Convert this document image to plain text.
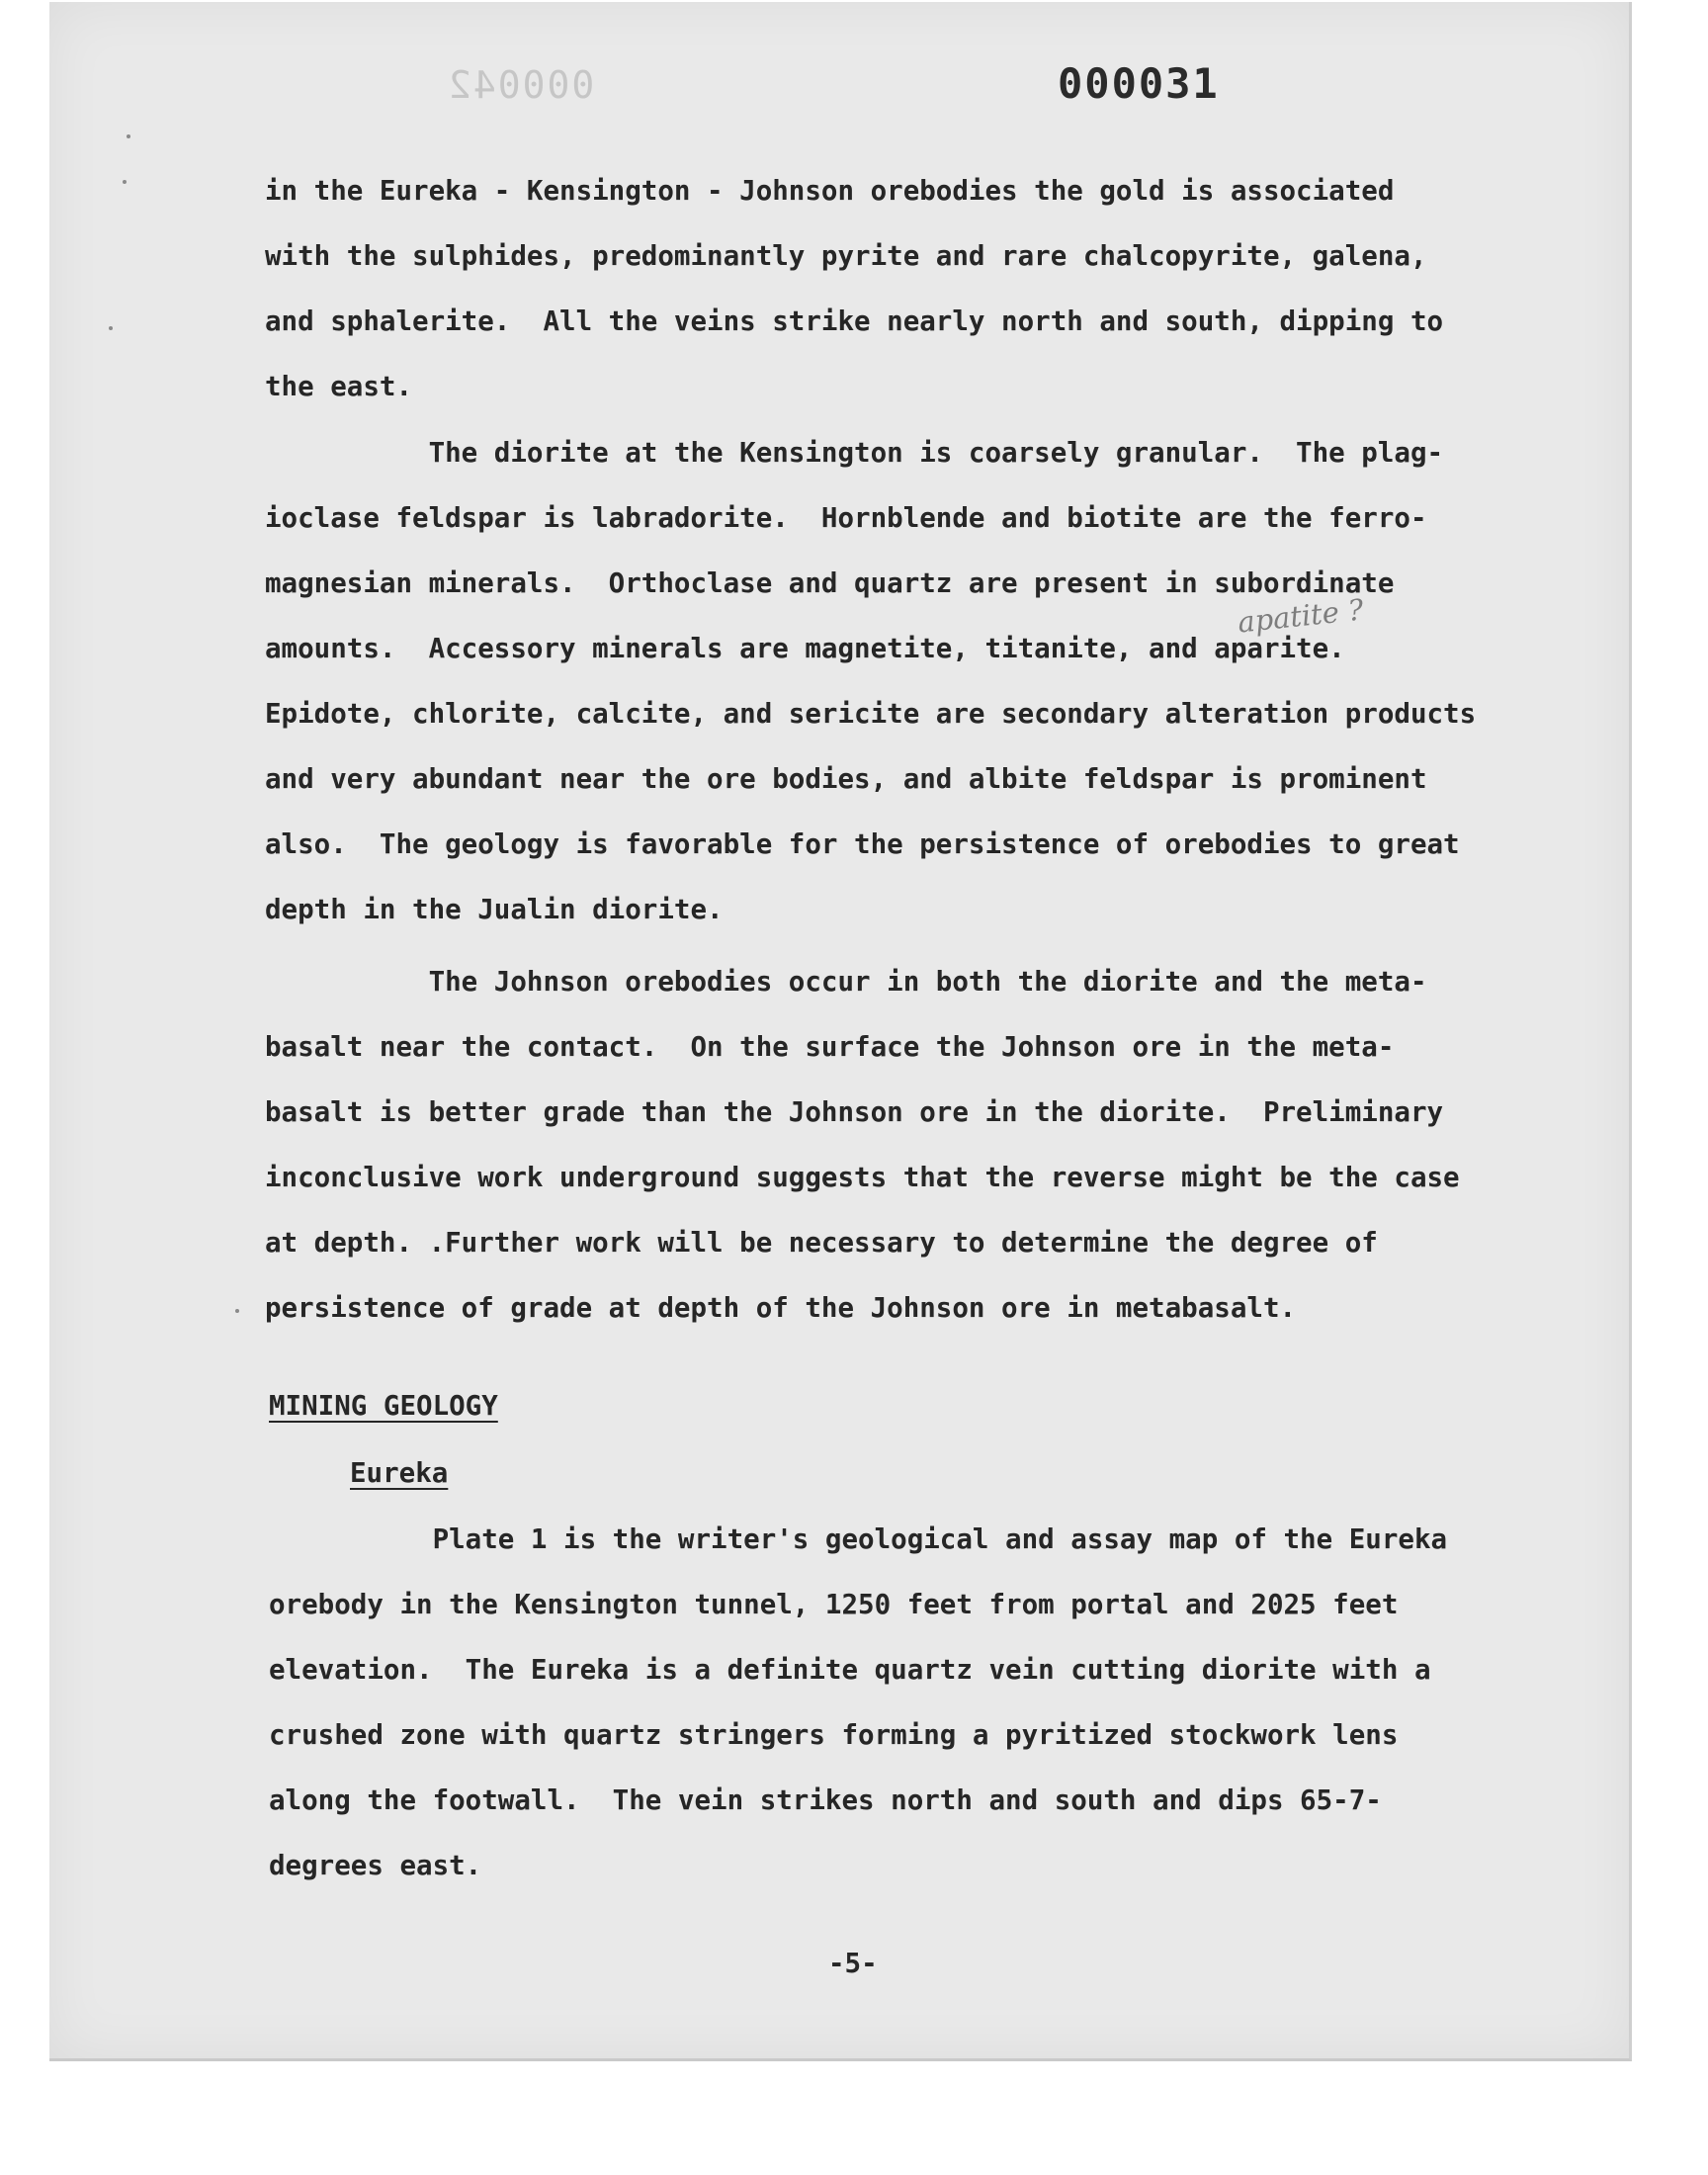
000042	000031

in the Eureka - Kensington - Johnson orebodies the gold is associated
with the sulphides, predominantly pyrite and rare chalcopyrite, galena,
and sphalerite.  All the veins strike nearly north and south, dipping to
the east.

The diorite at the Kensington is coarsely granular.  The plag-
ioclase feldspar is labradorite.  Hornblende and biotite are the ferro-
magnesian minerals.  Orthoclase and quartz are present in subordinate
amounts.  Accessory minerals are magnetite, titanite, and aparite.
Epidote, chlorite, calcite, and sericite are secondary alteration products
and very abundant near the ore bodies, and albite feldspar is prominent
also.  The geology is favorable for the persistence of orebodies to great
depth in the Jualin diorite.

apatite ?

The Johnson orebodies occur in both the diorite and the meta-
basalt near the contact.  On the surface the Johnson ore in the meta-
basalt is better grade than the Johnson ore in the diorite.  Preliminary
inconclusive work underground suggests that the reverse might be the case
at depth. .Further work will be necessary to determine the degree of
persistence of grade at depth of the Johnson ore in metabasalt.

MINING GEOLOGY
Eureka

Plate 1 is the writer's geological and assay map of the Eureka
orebody in the Kensington tunnel, 1250 feet from portal and 2025 feet
elevation.  The Eureka is a definite quartz vein cutting diorite with a
crushed zone with quartz stringers forming a pyritized stockwork lens
along the footwall.  The vein strikes north and south and dips 65-7-
degrees east.

-5-
